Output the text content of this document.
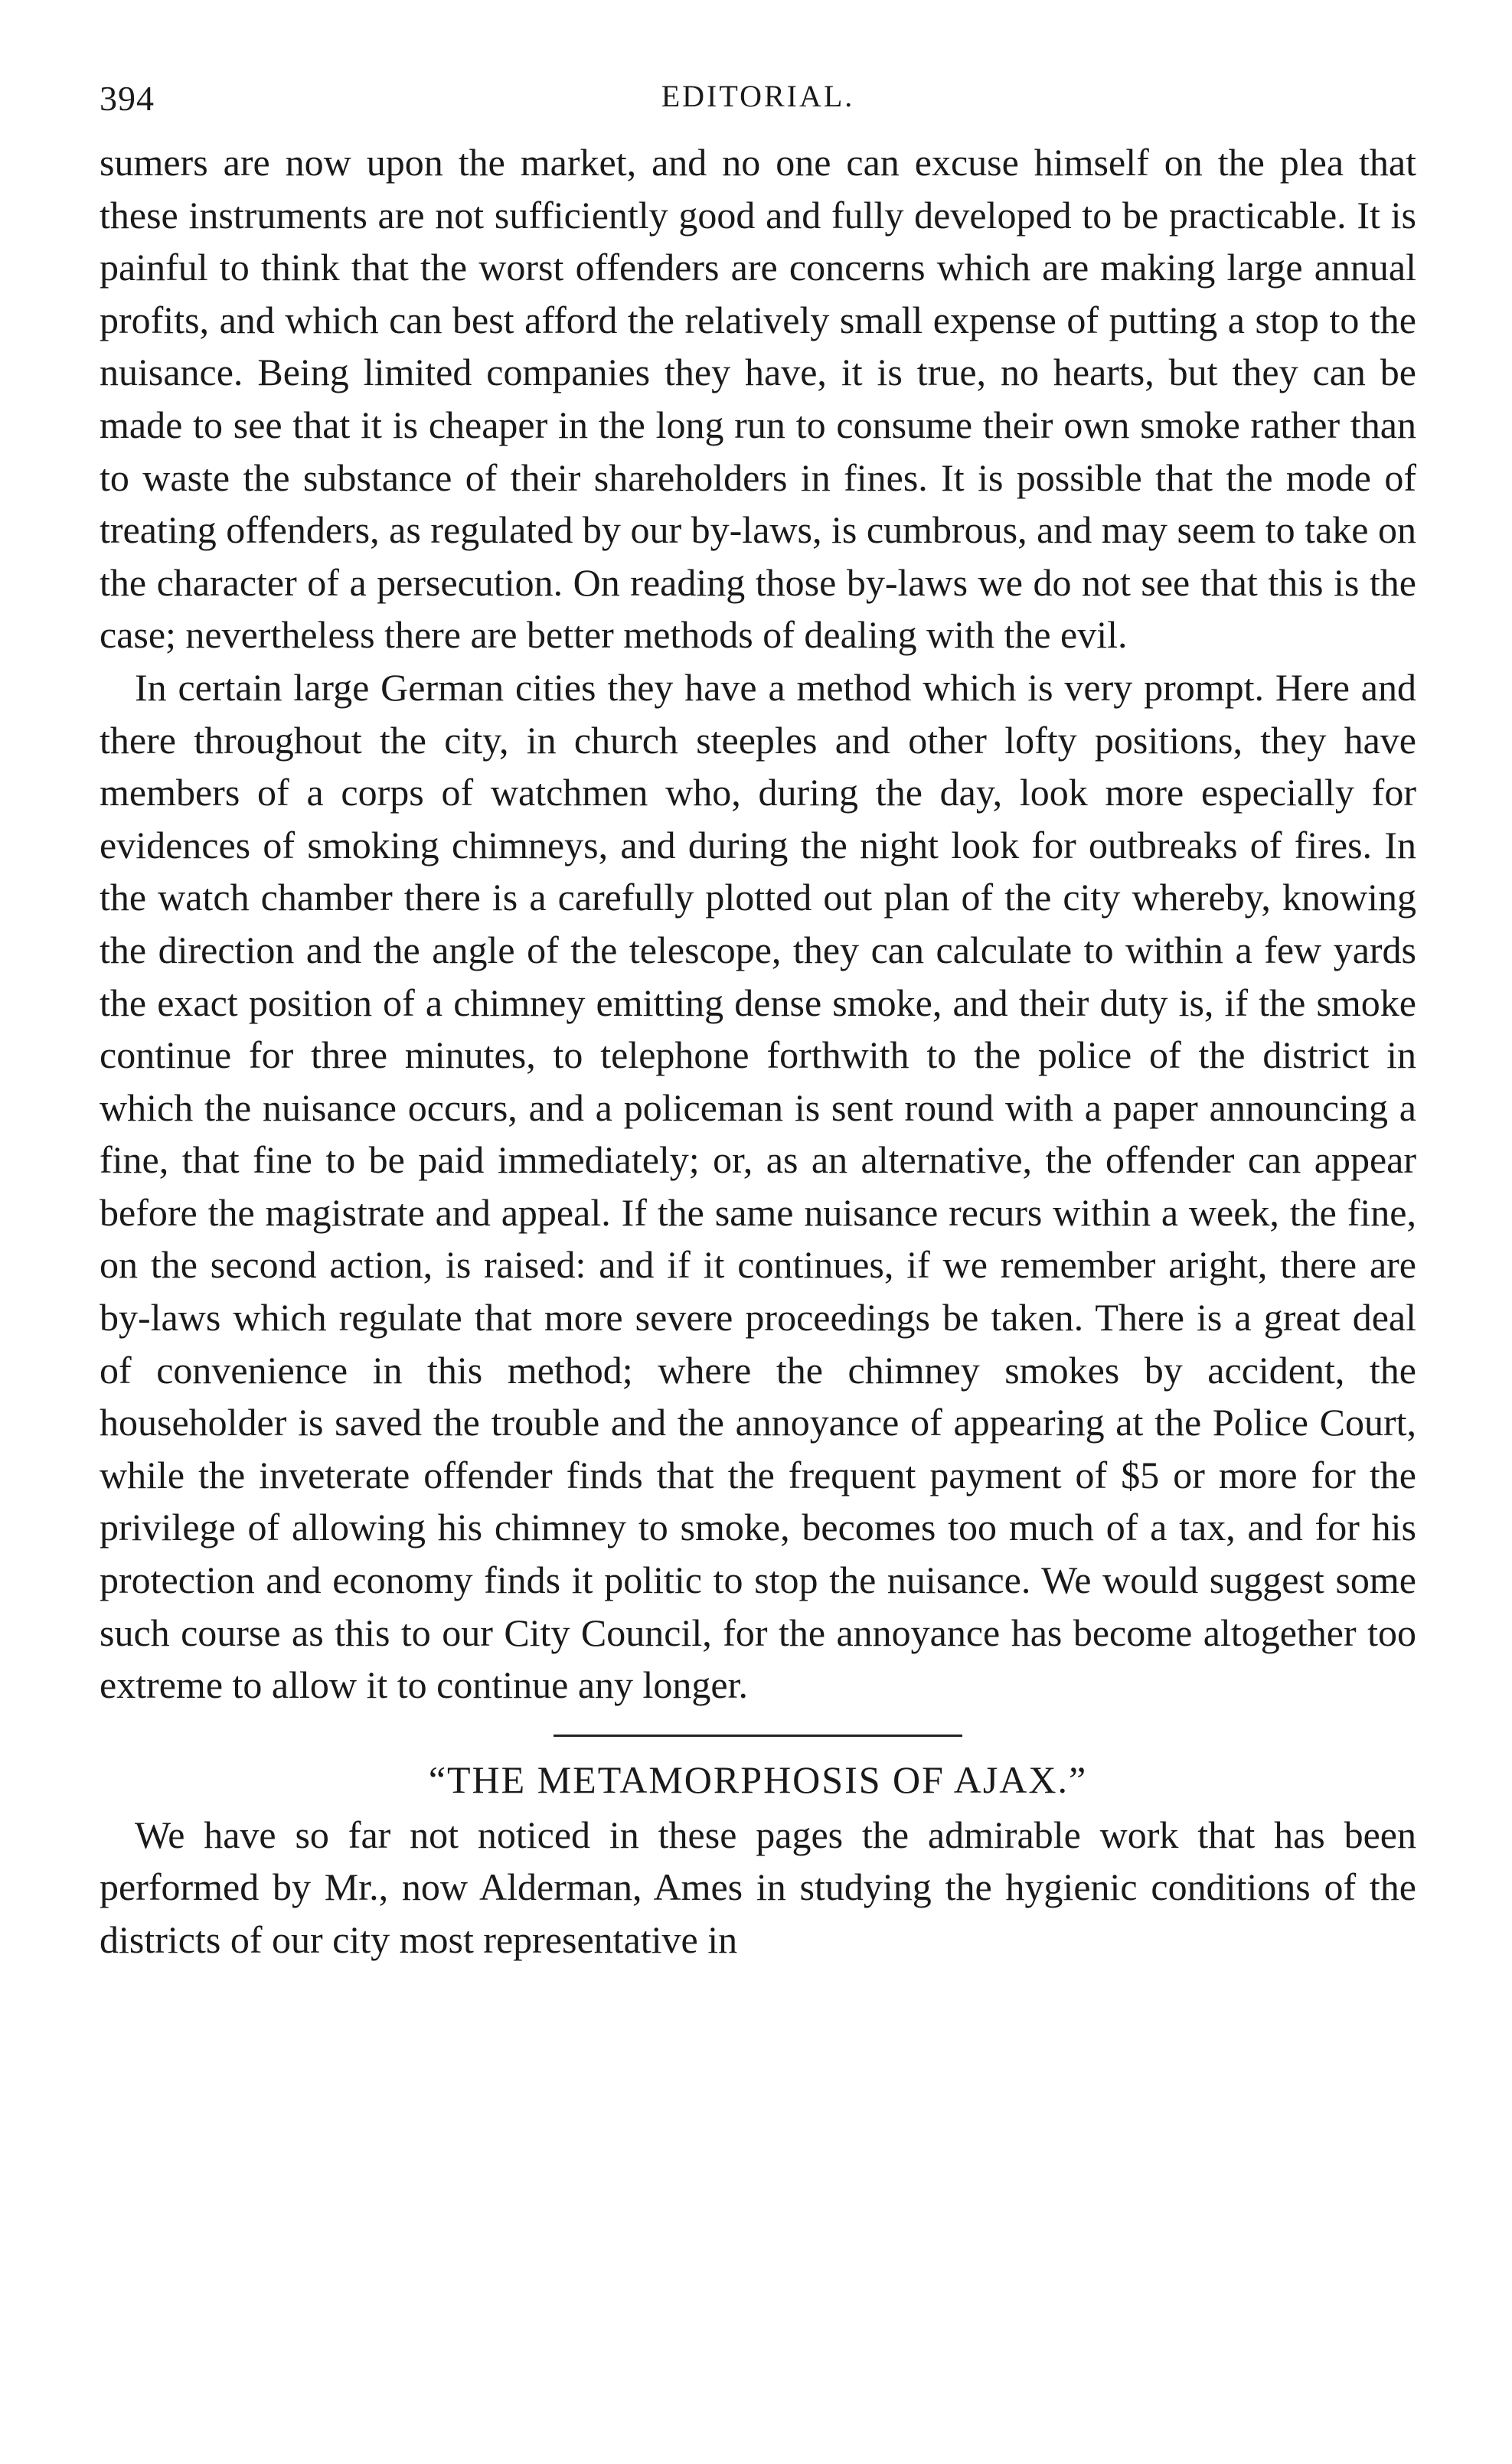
394	EDITORIAL.

sumers are now upon the market, and no one can excuse himself on the plea that these instruments are not sufficiently good and fully developed to be practicable. It is painful to think that the worst offenders are concerns which are making large annual profits, and which can best afford the relatively small expense of putting a stop to the nuisance. Being limited companies they have, it is true, no hearts, but they can be made to see that it is cheaper in the long run to consume their own smoke rather than to waste the substance of their shareholders in fines. It is possible that the mode of treating offenders, as regulated by our by-laws, is cumbrous, and may seem to take on the character of a persecution. On reading those by-laws we do not see that this is the case; nevertheless there are better methods of dealing with the evil.

In certain large German cities they have a method which is very prompt. Here and there throughout the city, in church steeples and other lofty positions, they have members of a corps of watchmen who, during the day, look more especially for evidences of smoking chimneys, and during the night look for outbreaks of fires. In the watch chamber there is a carefully plotted out plan of the city whereby, knowing the direction and the angle of the telescope, they can calculate to within a few yards the exact position of a chimney emitting dense smoke, and their duty is, if the smoke continue for three minutes, to telephone forthwith to the police of the district in which the nuisance occurs, and a policeman is sent round with a paper announcing a fine, that fine to be paid immediately; or, as an alternative, the offender can appear before the magistrate and appeal. If the same nuisance recurs within a week, the fine, on the second action, is raised: and if it continues, if we remember aright, there are by-laws which regulate that more severe proceedings be taken. There is a great deal of convenience in this method; where the chimney smokes by accident, the householder is saved the trouble and the annoyance of appearing at the Police Court, while the inveterate offender finds that the frequent payment of $5 or more for the privilege of allowing his chimney to smoke, becomes too much of a tax, and for his protection and economy finds it politic to stop the nuisance. We would suggest some such course as this to our City Council, for the annoyance has become altogether too extreme to allow it to continue any longer.

“THE METAMORPHOSIS OF AJAX.”

We have so far not noticed in these pages the admirable work that has been performed by Mr., now Alderman, Ames in studying the hygienic conditions of the districts of our city most representative in
